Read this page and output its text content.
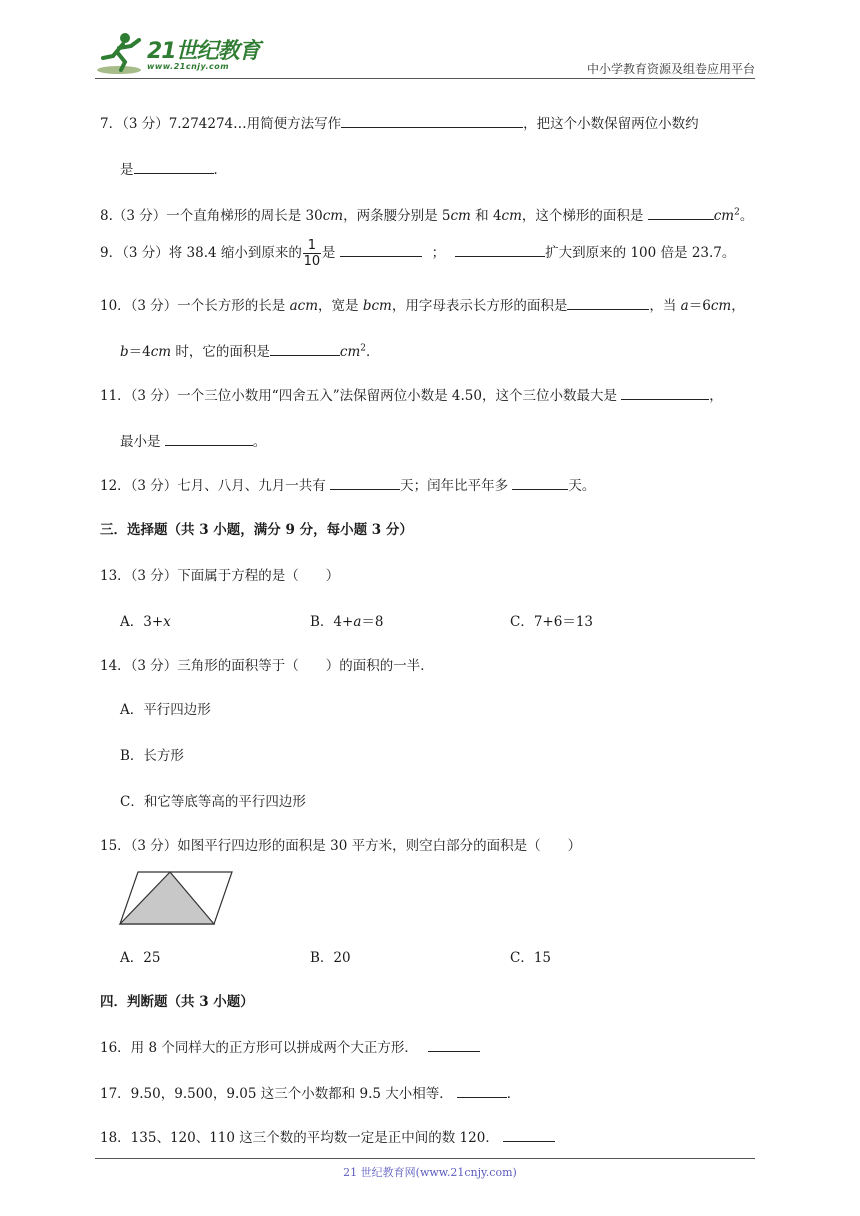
21世纪教育
www.21cnjy.com	中小学教育资源及组卷应用平台
7．（3 分）7.274274…用简便方法写作	，把这个小数保留两位小数约
是	．
8.（3 分）一个直角梯形的周长是 30cm，两条腰分别是 5cm 和 4cm，这个梯形的面积是	$cm^2$。
9．（3 分）将 38.4 缩小到原来的 $\frac{1}{10}$ 是	；	扩大到原来的 100 倍是 23.7。
10．（3 分）一个长方形的长是 acm，宽是 bcm，用字母表示长方形的面积是	，当 a＝6cm，
b＝4cm 时，它的面积是	$cm^2$．
11．（3 分）一个三位小数用“四舍五入”法保留两位小数是 4.50，这个三位小数最大是	，
最小是	。
12．（3 分）七月、八月、九月一共有	天；闰年比平年多	天。
三．选择题（共 3 小题，满分 9 分，每小题 3 分）
13．（3 分）下面属于方程的是（　　）
A．3+x	B．4+a＝8	C．7+6＝13
14．（3 分）三角形的面积等于（　　）的面积的一半．
A．平行四边形
B．长方形
C．和它等底等高的平行四边形
15．（3 分）如图平行四边形的面积是 30 平方米，则空白部分的面积是（　　）
A．25	B．20	C．15
四．判断题（共 3 小题）
16．用 8 个同样大的正方形可以拼成两个大正方形．
17．9.50，9.500，9.05 这三个小数都和 9.5 大小相等．	．
18．135、120、110 这三个数的平均数一定是正中间的数 120．
21 世纪教育网(www.21cnjy.com)
